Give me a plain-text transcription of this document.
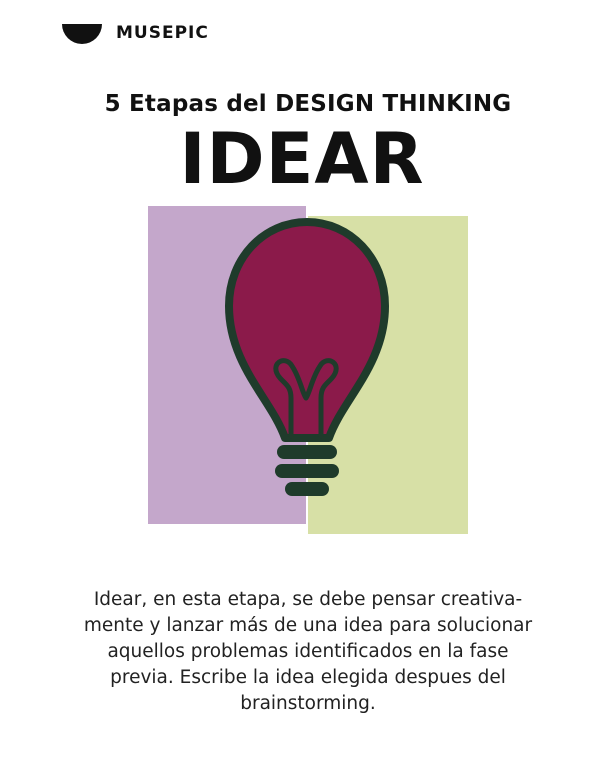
MUSEPIC
5 Etapas del DESIGN THINKING
IDEAR
Idear, en esta etapa, se debe pensar creativa-
mente y lanzar más de una idea para solucionar
aquellos problemas identificados en la fase
previa. Escribe la idea elegida despues del
brainstorming.
